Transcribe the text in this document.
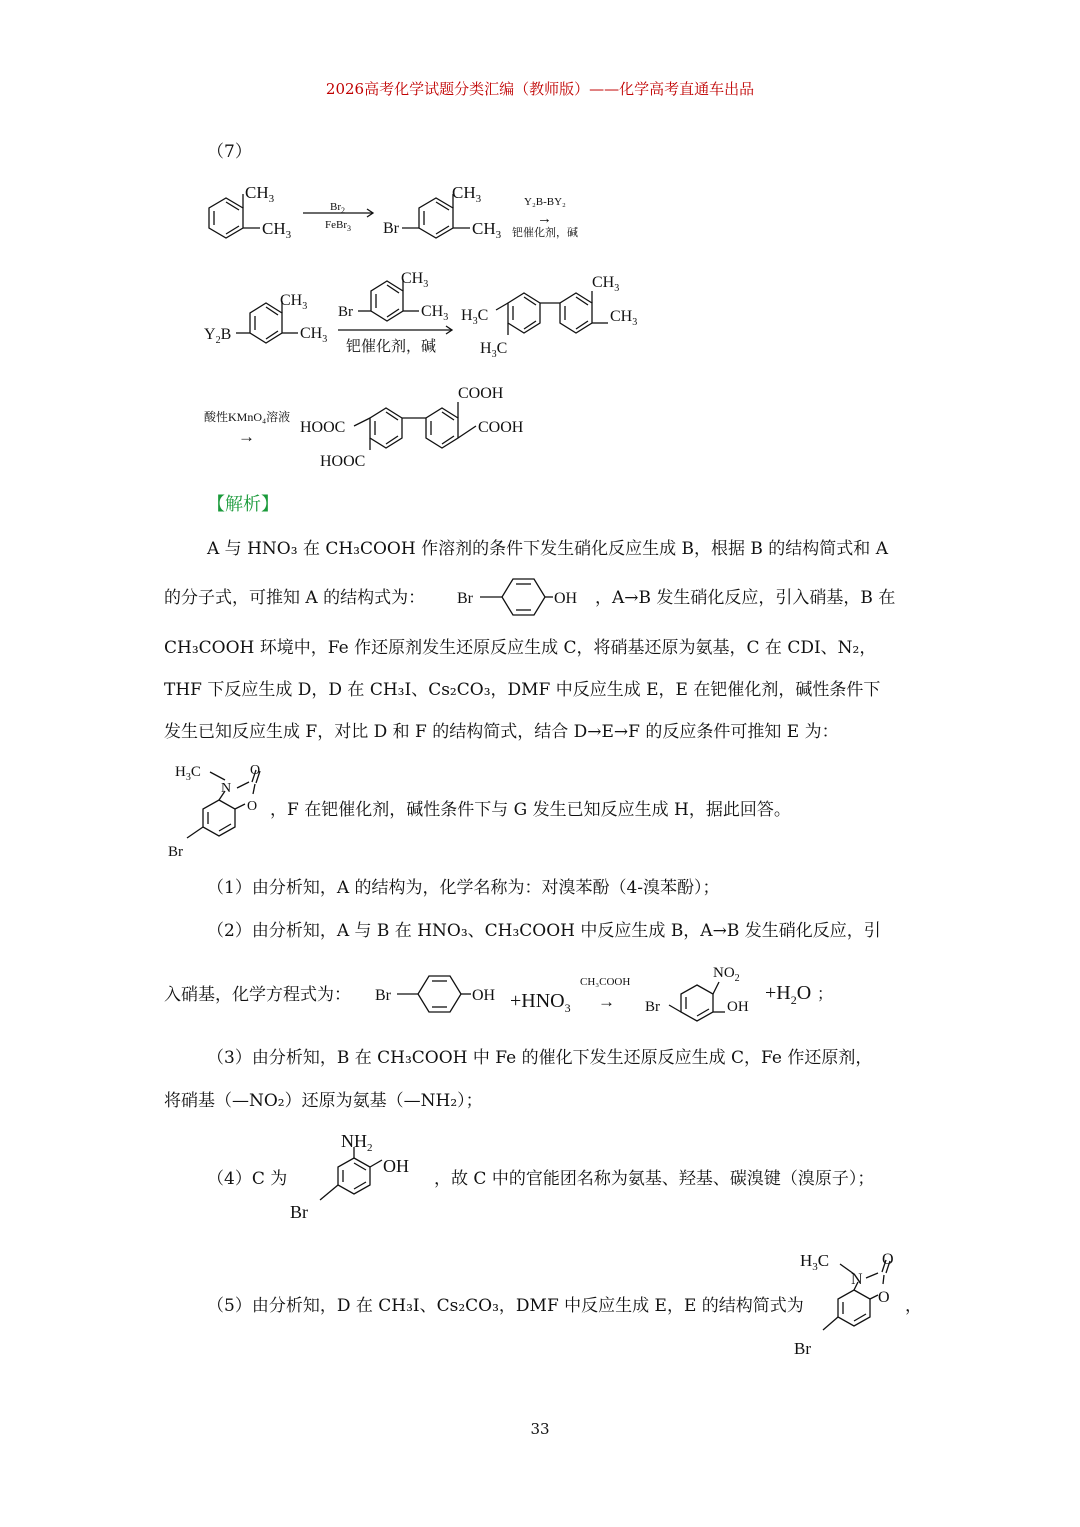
2026高考化学试题分类汇编（教师版）——化学高考直通车出品
（7）
$CH_3$
$CH_3$
$Br_2$
FeBr$_3$ Br
$CH_3$
$CH_3$
Y₂B-BY₂
→
钯催化剂，碱
$Y_2B$
$CH_3$
$CH_3$
Br
$CH_3$
$CH_3$
钯催化剂，碱
$H_3C$
$H_3C$
$CH_3$
$CH_3$
酸性KMnO₄溶液
→	HOOC
HOOC
COOH
COOH
【解析】
A 与 HNO₃ 在 CH₃COOH 作溶剂的条件下发生硝化反应生成 B，根据 B 的结构简式和 A
的分子式，可推知 A 的结构式为： Br	OH ，A→B 发生硝化反应，引入硝基，B 在
CH₃COOH 环境中，Fe 作还原剂发生还原反应生成 C，将硝基还原为氨基，C 在 CDI、N₂，
THF 下反应生成 D，D 在 CH₃I、Cs₂CO₃，DMF 中反应生成 E，E 在钯催化剂，碱性条件下
发生已知反应生成 F，对比 D 和 F 的结构简式，结合 D→E→F 的反应条件可推知 E 为：
$H_3C$	O
N
O
Br
，F 在钯催化剂，碱性条件下与 G 发生已知反应生成 H，据此回答。
（1）由分析知，A 的结构为，化学名称为：对溴苯酚（4-溴苯酚）；
（2）由分析知，A 与 B 在 HNO₃、CH₃COOH 中反应生成 B，A→B 发生硝化反应，引
入硝基，化学方程式为： Br	OH $+HNO_3$
CH₃COOH
→ Br
$NO_2$
OH
$+H_2O$ ；
（3）由分析知，B 在 CH₃COOH 中 Fe 的催化下发生还原反应生成 C，Fe 作还原剂，
将硝基（—NO₂）还原为氨基（—NH₂）；
（4）C 为
$NH_2$
OH
Br
，故 C 中的官能团名称为氨基、羟基、碳溴键（溴原子）；
（5）由分析知，D 在 CH₃I、Cs₂CO₃，DMF 中反应生成 E，E 的结构简式为
$H_3C$	O
N
O
Br
，
33
